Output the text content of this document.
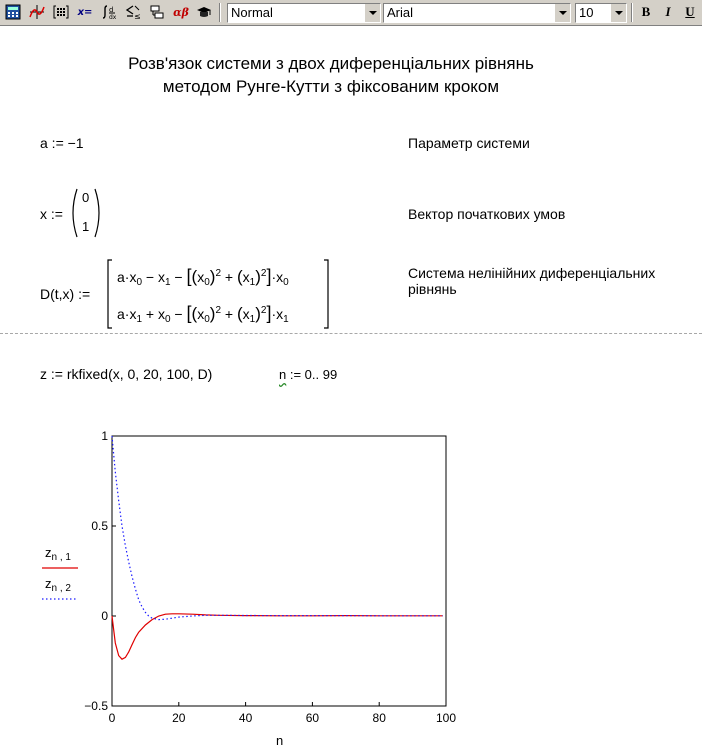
x=	d
dx ≤	αβ	Normal	Arial	10	B	I	U
Розв'язок системи з двох диференціальних рівнянь
методом Рунге-Кутти з фіксованим кроком
a := −1	Параметр системи
x :=
0
1
Вектор початкових умов
D(t,x) :=
$a\cdot x_0 - x_1 - [(x_0)^2 + (x_1)^2]\cdot x_0$
$a\cdot x_1 + x_0 - [(x_0)^2 + (x_1)^2]\cdot x_1$
Система нелінійних диференціальних
рівнянь
z := rkfixed(x, 0, 20, 100, D)	n := 0.. 99
0	20	40	60	80	100
1
0.5
0
−0.5
$z_{n , 1}$
$z_{n , 2}$
n
